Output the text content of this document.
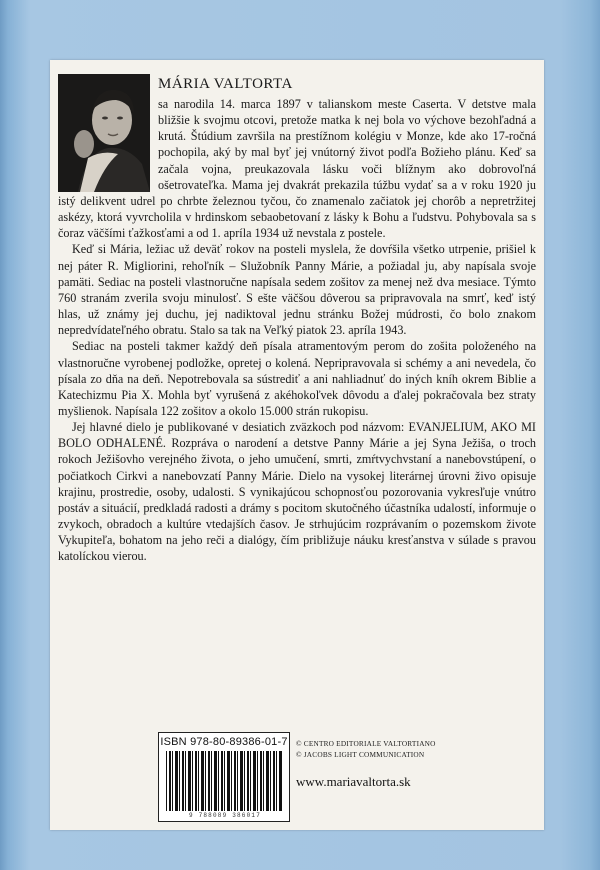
MÁRIA VALTORTA

sa narodila 14. marca 1897 v talianskom meste Caserta. V detstve mala bližšie k svojmu otcovi, pretože matka k nej bola vo výchove bezohľadná a krutá. Štúdium završila na prestížnom kolégiu v Monze, kde ako 17-ročná pochopila, aký by mal byť jej vnútorný život podľa Božieho plánu. Keď sa začala vojna, preukazovala lásku voči blížnym ako dobrovoľná ošetrovateľka. Mama jej dvakrát prekazila túžbu vydať sa a v roku 1920 ju istý delikvent udrel po chrbte železnou tyčou, čo znamenalo začiatok jej chorôb a nepretržitej askézy, ktorá vyvrcholila v hrdinskom sebaobetovaní z lásky k Bohu a ľudstvu. Pohybovala sa s čoraz väčšími ťažkosťami a od 1. apríla 1934 už nevstala z postele.

Keď si Mária, ležiac už deväť rokov na posteli myslela, že dovŕšila všetko utrpenie, prišiel k nej páter R. Migliorini, rehoľník – Služobník Panny Márie, a požiadal ju, aby napísala svoje pamäti. Sediac na posteli vlastnoručne napísala sedem zošitov za menej než dva mesiace. Týmto 760 stranám zverila svoju minulosť. S ešte väčšou dôverou sa pripravovala na smrť, keď istý hlas, už známy jej duchu, jej nadiktoval jednu stránku Božej múdrosti, čo bolo znakom nepredvídateľného obratu. Stalo sa tak na Veľký piatok 23. apríla 1943.

Sediac na posteli takmer každý deň písala atramentovým perom do zošita položeného na vlastnoručne vyrobenej podložke, opretej o kolená. Nepripravovala si schémy a ani nevedela, čo písala zo dňa na deň. Nepotrebovala sa sústrediť a ani nahliadnuť do iných kníh okrem Biblie a Katechizmu Pia X. Mohla byť vyrušená z akéhokoľvek dôvodu a ďalej pokračovala bez straty myšlienok. Napísala 122 zošitov a okolo 15.000 strán rukopisu.

Jej hlavné dielo je publikované v desiatich zväzkoch pod názvom: EVANJELIUM, AKO MI BOLO ODHALENÉ. Rozpráva o narodení a detstve Panny Márie a jej Syna Ježiša, o troch rokoch Ježišovho verejného života, o jeho umučení, smrti, zmŕtvychvstaní a nanebovstúpení, o počiatkoch Cirkvi a nanebovzatí Panny Márie. Dielo na vysokej literárnej úrovni živo opisuje krajinu, prostredie, osoby, udalosti. S vynikajúcou schopnosťou pozorovania vykresľuje vnútro postáv a situácií, predkladá radosti a drámy s pocitom skutočného účastníka udalostí, informuje o zvykoch, obradoch a kultúre vtedajších časov. Je strhujúcim rozprávaním o pozemskom živote Vykupiteľa, bohatom na jeho reči a dialógy, čím približuje náuku kresťanstva v súlade s pravou katolíckou vierou.

ISBN 978-80-89386-01-7
9 788089 386017
© CENTRO EDITORIALE VALTORTIANO
© JACOBS LIGHT COMMUNICATION
www.mariavaltorta.sk
